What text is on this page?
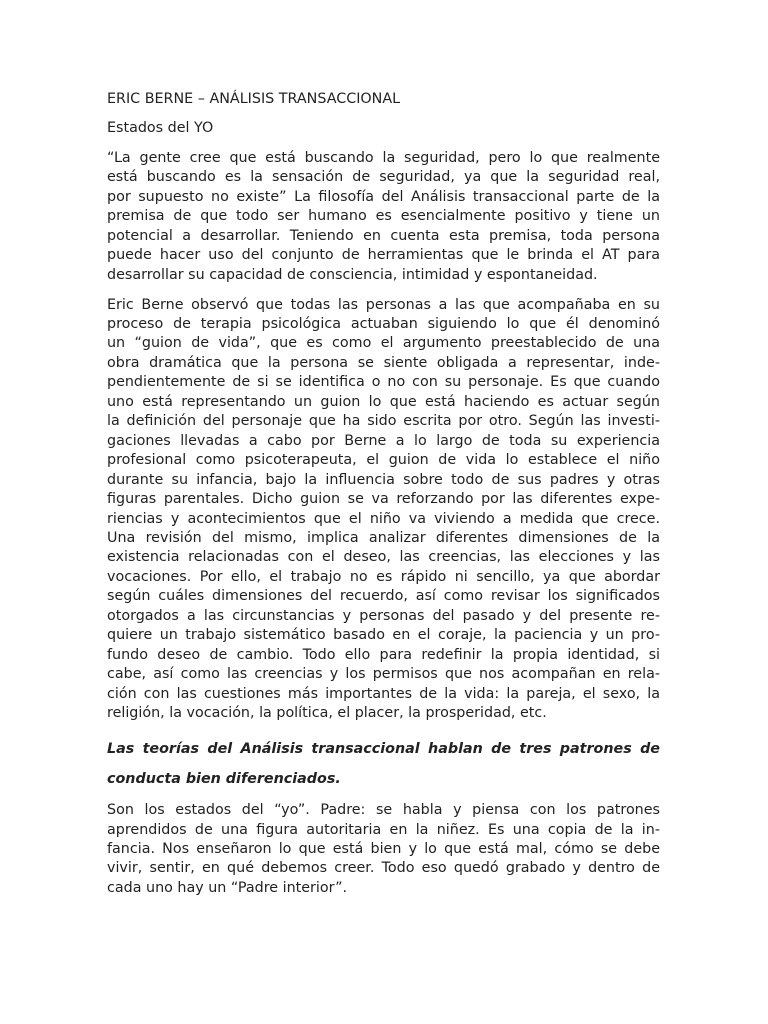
ERIC BERNE – ANÁLISIS TRANSACCIONAL
Estados del YO
“La gente cree que está buscando la seguridad, pero lo que realmente
está buscando es la sensación de seguridad, ya que la seguridad real,
por supuesto no existe” La filosofía del Análisis transaccional parte de la
premisa de que todo ser humano es esencialmente positivo y tiene un
potencial a desarrollar. Teniendo en cuenta esta premisa, toda persona
puede hacer uso del conjunto de herramientas que le brinda el AT para
desarrollar su capacidad de consciencia, intimidad y espontaneidad.
Eric Berne observó que todas las personas a las que acompañaba en su
proceso de terapia psicológica actuaban siguiendo lo que él denominó
un “guion de vida”, que es como el argumento preestablecido de una
obra dramática que la persona se siente obligada a representar, inde-
pendientemente de si se identifica o no con su personaje. Es que cuando
uno está representando un guion lo que está haciendo es actuar según
la definición del personaje que ha sido escrita por otro. Según las investi-
gaciones llevadas a cabo por Berne a lo largo de toda su experiencia
profesional como psicoterapeuta, el guion de vida lo establece el niño
durante su infancia, bajo la influencia sobre todo de sus padres y otras
figuras parentales. Dicho guion se va reforzando por las diferentes expe-
riencias y acontecimientos que el niño va viviendo a medida que crece.
Una revisión del mismo, implica analizar diferentes dimensiones de la
existencia relacionadas con el deseo, las creencias, las elecciones y las
vocaciones. Por ello, el trabajo no es rápido ni sencillo, ya que abordar
según cuáles dimensiones del recuerdo, así como revisar los significados
otorgados a las circunstancias y personas del pasado y del presente re-
quiere un trabajo sistemático basado en el coraje, la paciencia y un pro-
fundo deseo de cambio. Todo ello para redefinir la propia identidad, si
cabe, así como las creencias y los permisos que nos acompañan en rela-
ción con las cuestiones más importantes de la vida: la pareja, el sexo, la
religión, la vocación, la política, el placer, la prosperidad, etc.
Las teorías del Análisis transaccional hablan de tres patrones de
conducta bien diferenciados.
Son los estados del “yo”. Padre: se habla y piensa con los patrones
aprendidos de una figura autoritaria en la niñez. Es una copia de la in-
fancia. Nos enseñaron lo que está bien y lo que está mal, cómo se debe
vivir, sentir, en qué debemos creer. Todo eso quedó grabado y dentro de
cada uno hay un “Padre interior”.
